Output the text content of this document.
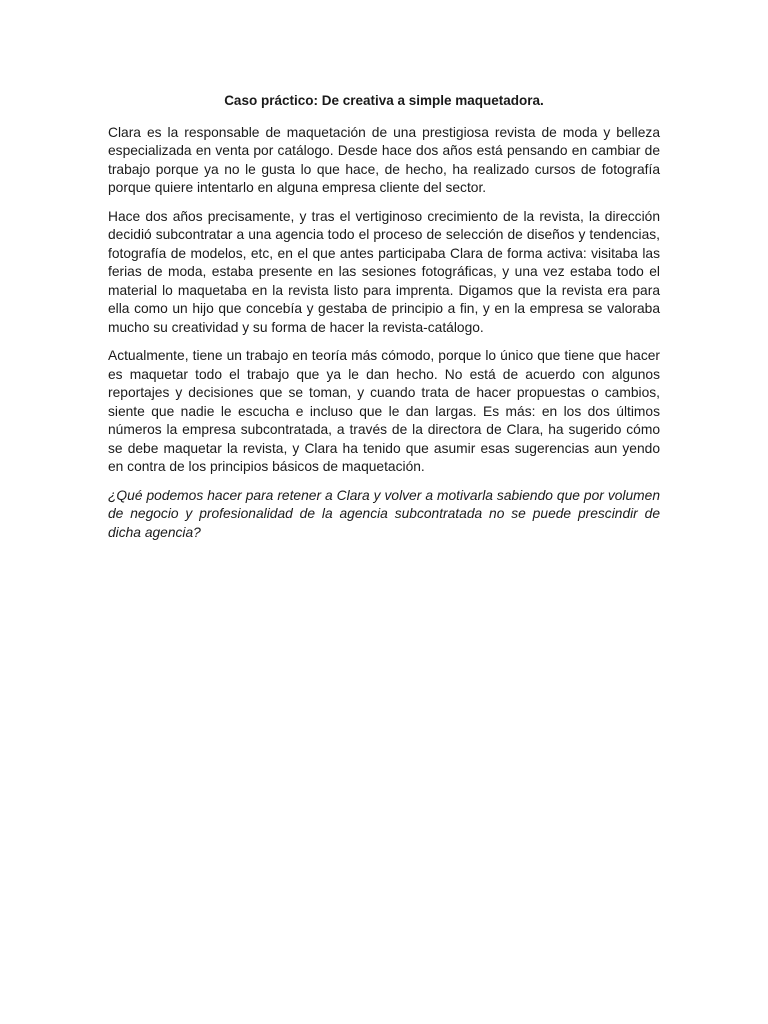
Caso práctico: De creativa a simple maquetadora.

Clara es la responsable de maquetación de una prestigiosa revista de moda y belleza especializada en venta por catálogo. Desde hace dos años está pensando en cambiar de trabajo porque ya no le gusta lo que hace, de hecho, ha realizado cursos de fotografía porque quiere intentarlo en alguna empresa cliente del sector.

Hace dos años precisamente, y tras el vertiginoso crecimiento de la revista, la dirección decidió subcontratar a una agencia todo el proceso de selección de diseños y tendencias, fotografía de modelos, etc, en el que antes participaba Clara de forma activa: visitaba las ferias de moda, estaba presente en las sesiones fotográficas, y una vez estaba todo el material lo maquetaba en la revista listo para imprenta. Digamos que la revista era para ella como un hijo que concebía y gestaba de principio a fin, y en la empresa se valoraba mucho su creatividad y su forma de hacer la revista-catálogo.

Actualmente, tiene un trabajo en teoría más cómodo, porque lo único que tiene que hacer es maquetar todo el trabajo que ya le dan hecho. No está de acuerdo con algunos reportajes y decisiones que se toman, y cuando trata de hacer propuestas o cambios, siente que nadie le escucha e incluso que le dan largas. Es más: en los dos últimos números la empresa subcontratada, a través de la directora de Clara, ha sugerido cómo se debe maquetar la revista, y Clara ha tenido que asumir esas sugerencias aun yendo en contra de los principios básicos de maquetación.

¿Qué podemos hacer para retener a Clara y volver a motivarla sabiendo que por volumen de negocio y profesionalidad de la agencia subcontratada no se puede prescindir de dicha agencia?
